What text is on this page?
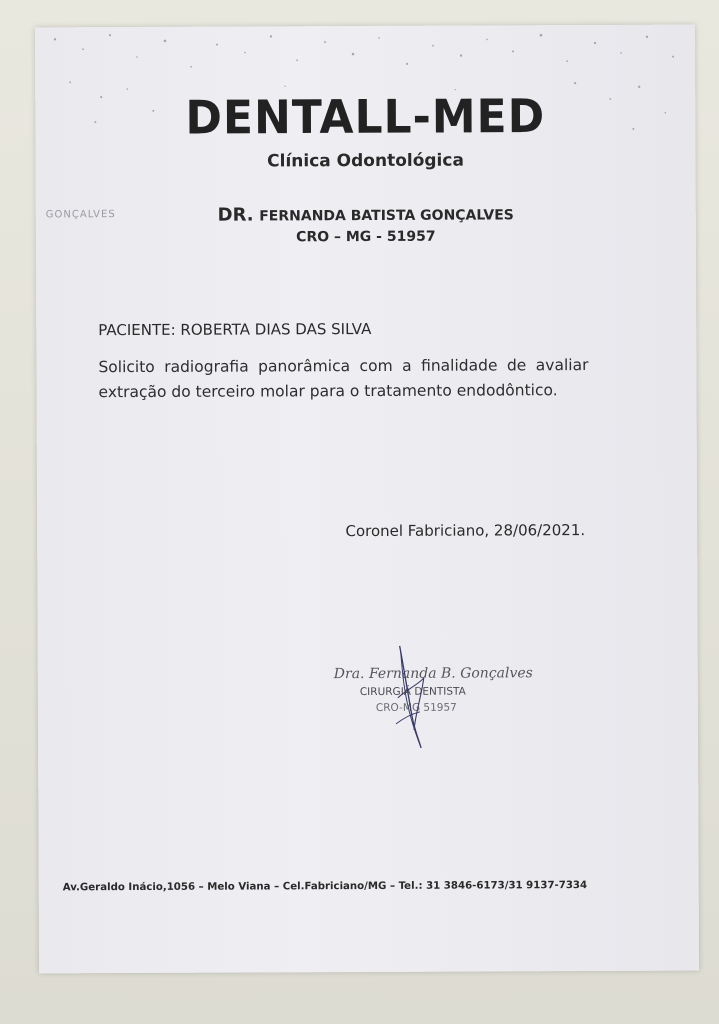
DENTALL-MED
Clínica Odontológica
GONÇALVES	DR. FERNANDA BATISTA GONÇALVES
CRO – MG - 51957
PACIENTE: ROBERTA DIAS DAS SILVA
Solicito radiografia panorâmica com a finalidade de avaliar extração do terceiro molar para o tratamento endodôntico.
Coronel Fabriciano, 28/06/2021.
Dra. Fernanda B. Gonçalves
CIRURGIÃ DENTISTA
CRO-MG 51957
Av.Geraldo Inácio,1056 – Melo Viana – Cel.Fabriciano/MG – Tel.: 31 3846-6173/31 9137-7334
